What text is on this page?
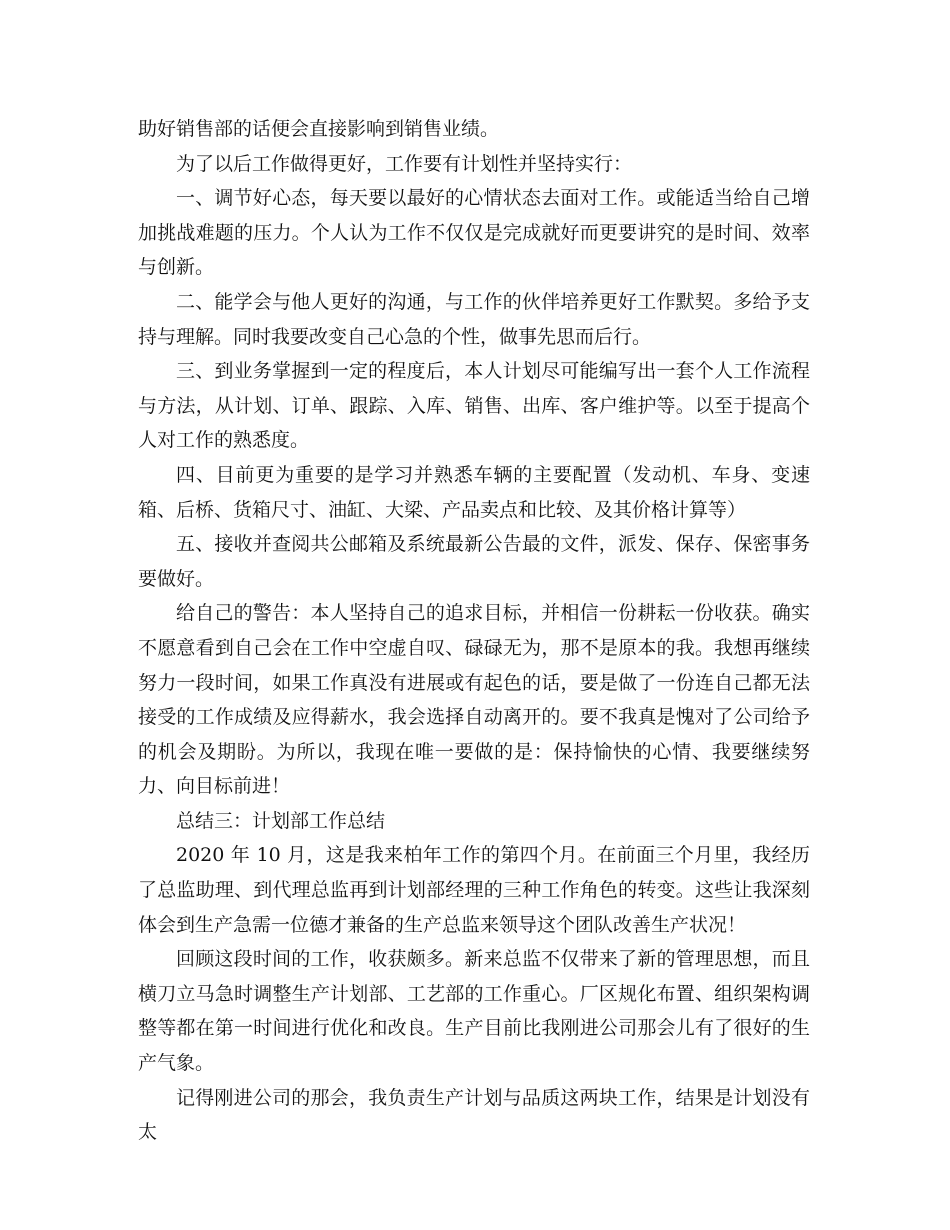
助好销售部的话便会直接影响到销售业绩。

为了以后工作做得更好，工作要有计划性并坚持实行：

一、调节好心态，每天要以最好的心情状态去面对工作。或能适当给自己增加挑战难题的压力。个人认为工作不仅仅是完成就好而更要讲究的是时间、效率与创新。

二、能学会与他人更好的沟通，与工作的伙伴培养更好工作默契。多给予支持与理解。同时我要改变自己心急的个性，做事先思而后行。

三、到业务掌握到一定的程度后，本人计划尽可能编写出一套个人工作流程与方法，从计划、订单、跟踪、入库、销售、出库、客户维护等。以至于提高个人对工作的熟悉度。

四、目前更为重要的是学习并熟悉车辆的主要配置（发动机、车身、变速箱、后桥、货箱尺寸、油缸、大梁、产品卖点和比较、及其价格计算等）

五、接收并查阅共公邮箱及系统最新公告最的文件，派发、保存、保密事务要做好。

给自己的警告：本人坚持自己的追求目标，并相信一份耕耘一份收获。确实不愿意看到自己会在工作中空虚自叹、碌碌无为，那不是原本的我。我想再继续努力一段时间，如果工作真没有进展或有起色的话，要是做了一份连自己都无法接受的工作成绩及应得薪水，我会选择自动离开的。要不我真是愧对了公司给予的机会及期盼。为所以，我现在唯一要做的是：保持愉快的心情、我要继续努力、向目标前进！

总结三：计划部工作总结

2020 年 10 月，这是我来柏年工作的第四个月。在前面三个月里，我经历了总监助理、到代理总监再到计划部经理的三种工作角色的转变。这些让我深刻体会到生产急需一位德才兼备的生产总监来领导这个团队改善生产状况！

回顾这段时间的工作，收获颇多。新来总监不仅带来了新的管理思想，而且横刀立马急时调整生产计划部、工艺部的工作重心。厂区规化布置、组织架构调整等都在第一时间进行优化和改良。生产目前比我刚进公司那会儿有了很好的生产气象。

记得刚进公司的那会，我负责生产计划与品质这两块工作，结果是计划没有太
